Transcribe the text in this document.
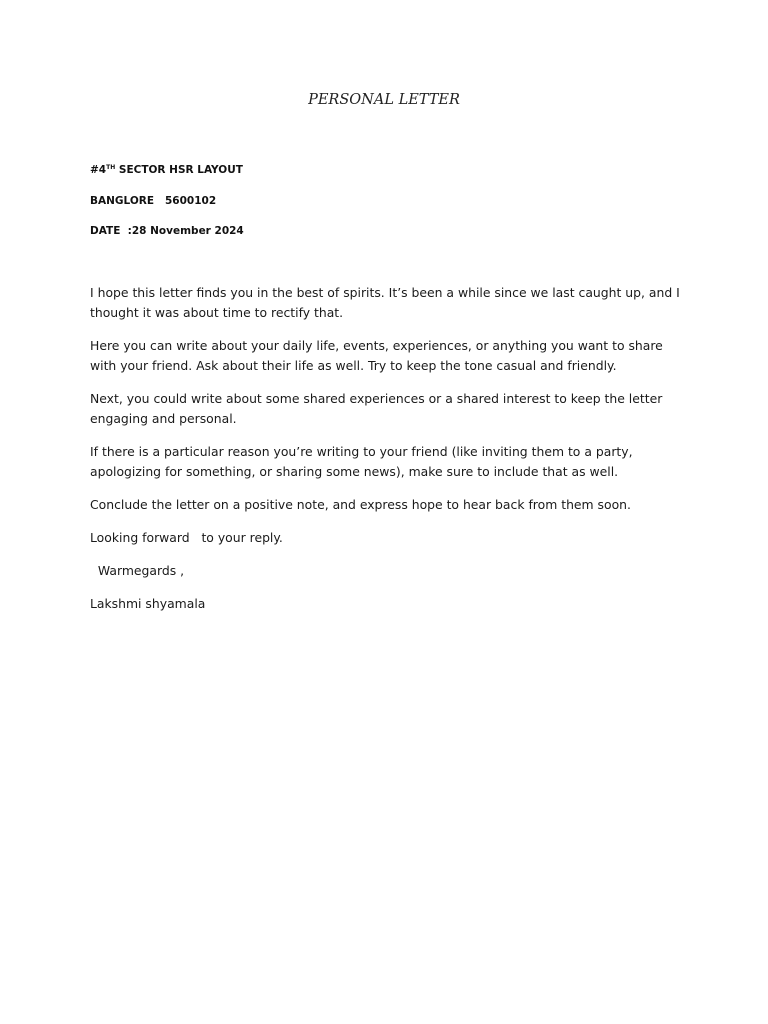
PERSONAL LETTER
#4TH SECTOR HSR LAYOUT
BANGLORE   5600102
DATE  :28 November 2024

I hope this letter finds you in the best of spirits. It’s been a while since we last caught up, and I thought it was about time to rectify that.

Here you can write about your daily life, events, experiences, or anything you want to share with your friend. Ask about their life as well. Try to keep the tone casual and friendly.

Next, you could write about some shared experiences or a shared interest to keep the letter engaging and personal.

If there is a particular reason you’re writing to your friend (like inviting them to a party, apologizing for something, or sharing some news), make sure to include that as well.

Conclude the letter on a positive note, and express hope to hear back from them soon.

Looking forward   to your reply.

Warmegards ,

Lakshmi shyamala
